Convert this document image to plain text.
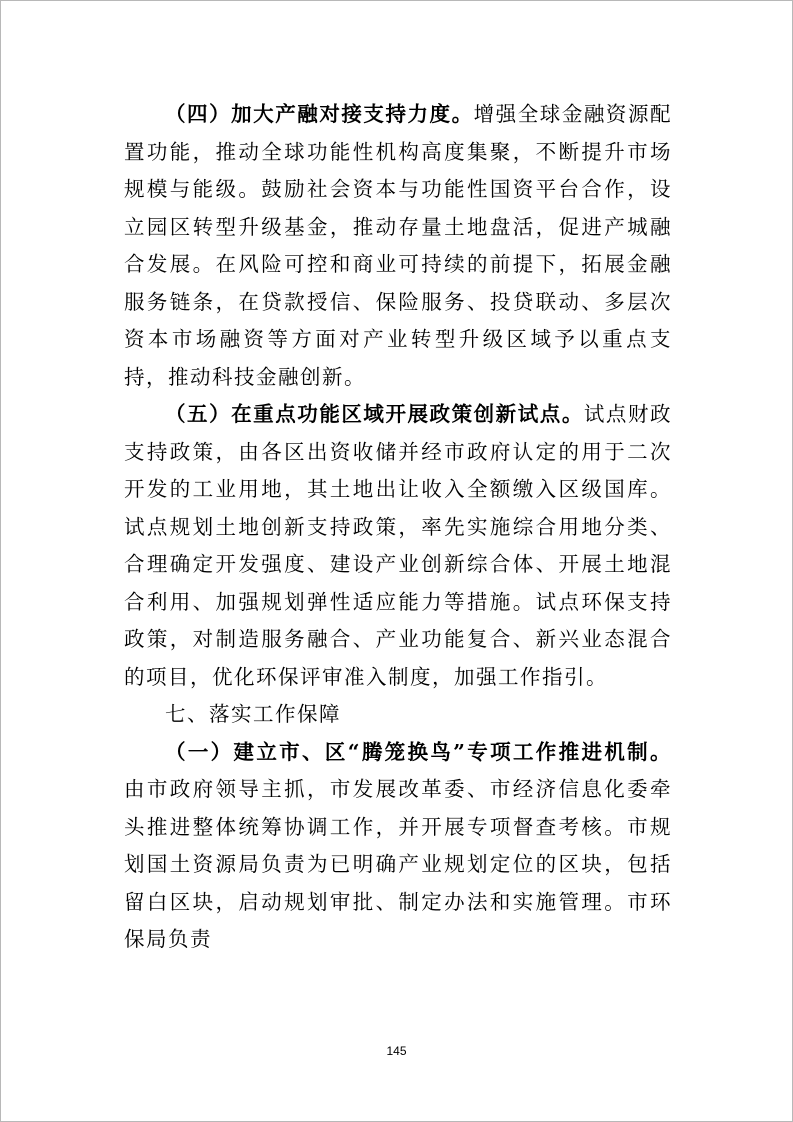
（四）加大产融对接支持力度。增强全球金融资源配置功能，推动全球功能性机构高度集聚，不断提升市场规模与能级。鼓励社会资本与功能性国资平台合作，设立园区转型升级基金，推动存量土地盘活，促进产城融合发展。在风险可控和商业可持续的前提下，拓展金融服务链条，在贷款授信、保险服务、投贷联动、多层次资本市场融资等方面对产业转型升级区域予以重点支持，推动科技金融创新。

（五）在重点功能区域开展政策创新试点。试点财政支持政策，由各区出资收储并经市政府认定的用于二次开发的工业用地，其土地出让收入全额缴入区级国库。试点规划土地创新支持政策，率先实施综合用地分类、合理确定开发强度、建设产业创新综合体、开展土地混合利用、加强规划弹性适应能力等措施。试点环保支持政策，对制造服务融合、产业功能复合、新兴业态混合的项目，优化环保评审准入制度，加强工作指引。

七、落实工作保障

（一）建立市、区“腾笼换鸟”专项工作推进机制。由市政府领导主抓，市发展改革委、市经济信息化委牵头推进整体统筹协调工作，并开展专项督查考核。市规划国土资源局负责为已明确产业规划定位的区块，包括留白区块，启动规划审批、制定办法和实施管理。市环保局负责

145
